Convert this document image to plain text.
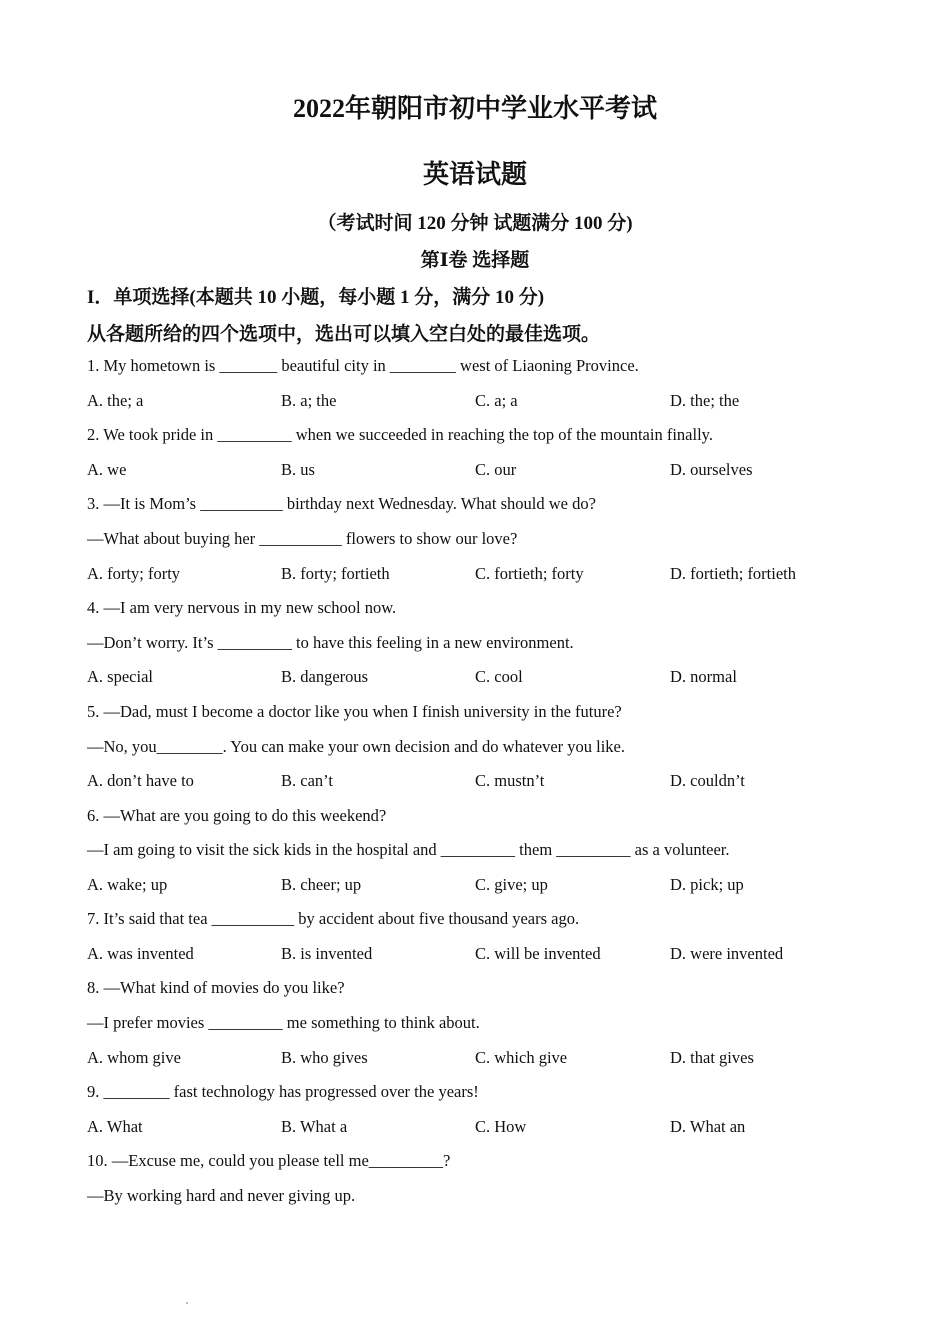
2022年朝阳市初中学业水平考试
英语试题
（考试时间 120 分钟 试题满分 100 分)
第Ⅰ卷 选择题
I．单项选择(本题共 10 小题，每小题 1 分，满分 10 分)
从各题所给的四个选项中，选出可以填入空白处的最佳选项。
1. My hometown is _______ beautiful city in ________ west of Liaoning Province.
A. the; a	B. a; the	C. a; a	D. the; the
2. We took pride in _________ when we succeeded in reaching the top of the mountain finally.
A. we	B. us	C. our	D. ourselves
3. —It is Mom’s __________ birthday next Wednesday. What should we do?
—What about buying her __________ flowers to show our love?
A. forty; forty	B. forty; fortieth	C. fortieth; forty	D. fortieth; fortieth
4. —I am very nervous in my new school now.
—Don’t worry. It’s _________ to have this feeling in a new environment.
A. special	B. dangerous	C. cool	D. normal
5. —Dad, must I become a doctor like you when I finish university in the future?
—No, you________. You can make your own decision and do whatever you like.
A. don’t have to	B. can’t	C. mustn’t	D. couldn’t
6. —What are you going to do this weekend?
—I am going to visit the sick kids in the hospital and _________ them _________ as a volunteer.
A. wake; up	B. cheer; up	C. give; up	D. pick; up
7. It’s said that tea __________ by accident about five thousand years ago.
A. was invented	B. is invented	C. will be invented	D. were invented
8. —What kind of movies do you like?
—I prefer movies _________ me something to think about.
A. whom give	B. who gives	C. which give	D. that gives
9. ________ fast technology has progressed over the years!
A. What	B. What a	C. How	D. What an
10. —Excuse me, could you please tell me_________?
—By working hard and never giving up.
